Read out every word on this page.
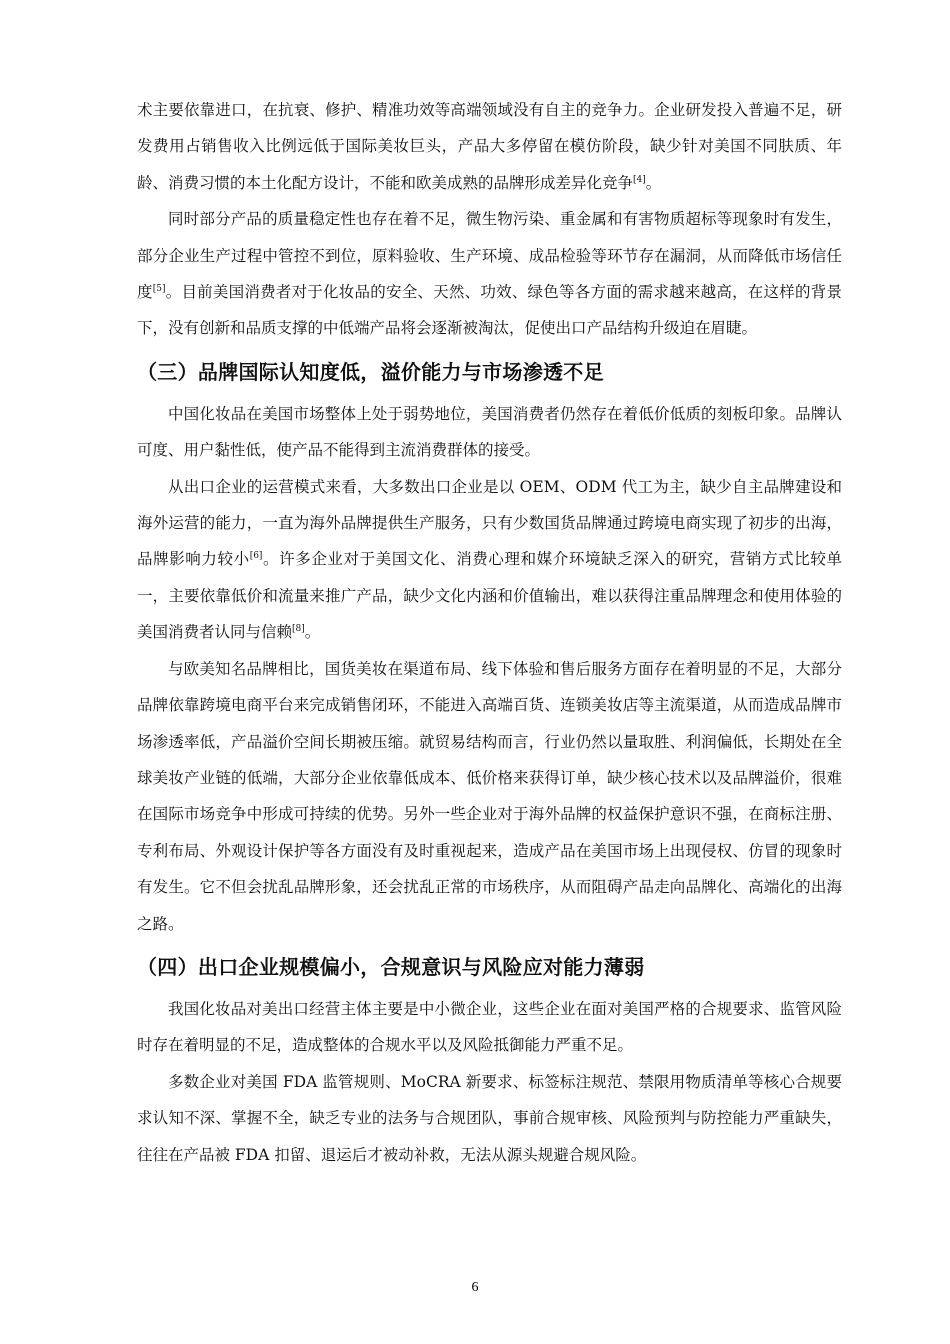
术主要依靠进口，在抗衰、修护、精准功效等高端领域没有自主的竞争力。企业研发投入普遍不足，研发费用占销售收入比例远低于国际美妆巨头，产品大多停留在模仿阶段，缺少针对美国不同肤质、年龄、消费习惯的本土化配方设计，不能和欧美成熟的品牌形成差异化竞争[4]。

同时部分产品的质量稳定性也存在着不足，微生物污染、重金属和有害物质超标等现象时有发生，部分企业生产过程中管控不到位，原料验收、生产环境、成品检验等环节存在漏洞，从而降低市场信任度[5]。目前美国消费者对于化妆品的安全、天然、功效、绿色等各方面的需求越来越高，在这样的背景下，没有创新和品质支撑的中低端产品将会逐渐被淘汰，促使出口产品结构升级迫在眉睫。

（三）品牌国际认知度低，溢价能力与市场渗透不足

中国化妆品在美国市场整体上处于弱势地位，美国消费者仍然存在着低价低质的刻板印象。品牌认可度、用户黏性低，使产品不能得到主流消费群体的接受。

从出口企业的运营模式来看，大多数出口企业是以 OEM、ODM 代工为主，缺少自主品牌建设和海外运营的能力，一直为海外品牌提供生产服务，只有少数国货品牌通过跨境电商实现了初步的出海，品牌影响力较小[6]。许多企业对于美国文化、消费心理和媒介环境缺乏深入的研究，营销方式比较单一，主要依靠低价和流量来推广产品，缺少文化内涵和价值输出，难以获得注重品牌理念和使用体验的美国消费者认同与信赖[8]。

与欧美知名品牌相比，国货美妆在渠道布局、线下体验和售后服务方面存在着明显的不足，大部分品牌依靠跨境电商平台来完成销售闭环，不能进入高端百货、连锁美妆店等主流渠道，从而造成品牌市场渗透率低，产品溢价空间长期被压缩。就贸易结构而言，行业仍然以量取胜、利润偏低，长期处在全球美妆产业链的低端，大部分企业依靠低成本、低价格来获得订单，缺少核心技术以及品牌溢价，很难在国际市场竞争中形成可持续的优势。另外一些企业对于海外品牌的权益保护意识不强，在商标注册、专利布局、外观设计保护等各方面没有及时重视起来，造成产品在美国市场上出现侵权、仿冒的现象时有发生。它不但会扰乱品牌形象，还会扰乱正常的市场秩序，从而阻碍产品走向品牌化、高端化的出海之路。

（四）出口企业规模偏小，合规意识与风险应对能力薄弱

我国化妆品对美出口经营主体主要是中小微企业，这些企业在面对美国严格的合规要求、监管风险时存在着明显的不足，造成整体的合规水平以及风险抵御能力严重不足。

多数企业对美国 FDA 监管规则、MoCRA 新要求、标签标注规范、禁限用物质清单等核心合规要求认知不深、掌握不全，缺乏专业的法务与合规团队，事前合规审核、风险预判与防控能力严重缺失，往往在产品被 FDA 扣留、退运后才被动补救，无法从源头规避合规风险。

6
